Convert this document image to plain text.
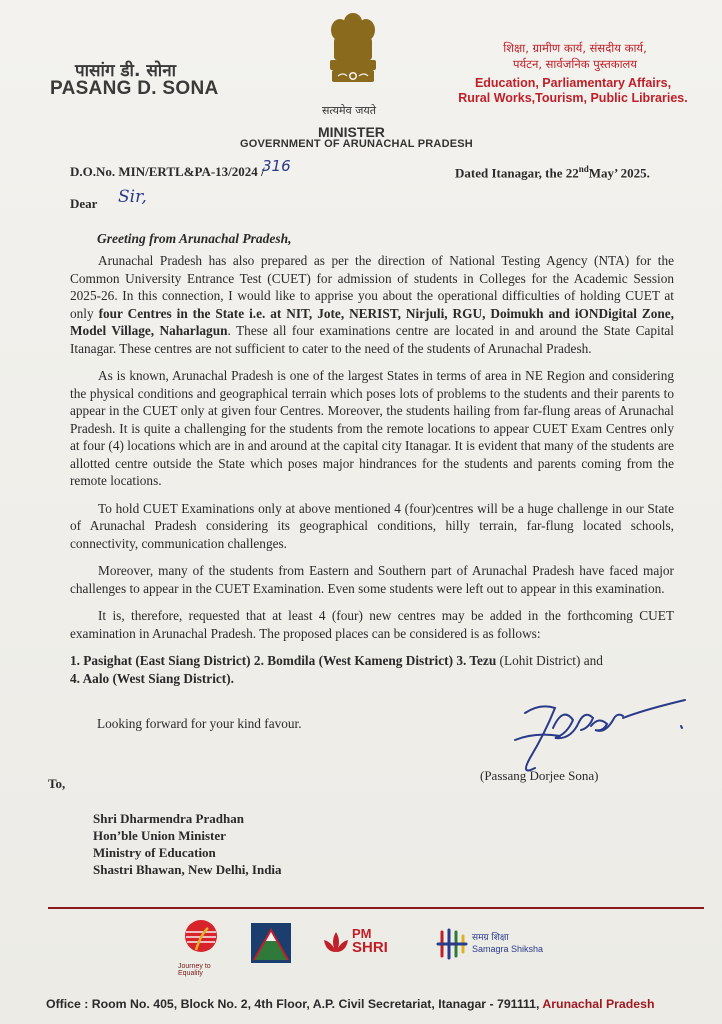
पासांग डी. सोना
PASANG D. SONA
सत्यमेव जयते
MINISTER
GOVERNMENT OF ARUNACHAL PRADESH
शिक्षा, ग्रामीण कार्य, संसदीय कार्य,
पर्यटन, सार्वजनिक पुस्तकालय
Education, Parliamentary Affairs,
Rural Works,Tourism, Public Libraries.
D.O.No. MIN/ERTL&PA-13/2024 /
316	Dated Itanagar, the 22ndMay’ 2025.
Dear Sir,
Greeting from Arunachal Pradesh,

Arunachal Pradesh has also prepared as per the direction of National Testing Agency (NTA) for the Common University Entrance Test (CUET) for admission of students in Colleges for the Academic Session 2025-26. In this connection, I would like to apprise you about the operational difficulties of holding CUET at only four Centres in the State i.e. at NIT, Jote, NERIST, Nirjuli, RGU, Doimukh and iONDigital Zone, Model Village, Naharlagun. These all four examinations centre are located in and around the State Capital Itanagar. These centres are not sufficient to cater to the need of the students of Arunachal Pradesh.

As is known, Arunachal Pradesh is one of the largest States in terms of area in NE Region and considering the physical conditions and geographical terrain which poses lots of problems to the students and their parents to appear in the CUET only at given four Centres. Moreover, the students hailing from far-flung areas of Arunachal Pradesh. It is quite a challenging for the students from the remote locations to appear CUET Exam Centres only at four (4) locations which are in and around at the capital city Itanagar. It is evident that many of the students are allotted centre outside the State which poses major hindrances for the students and parents coming from the remote locations.

To hold CUET Examinations only at above mentioned 4 (four)centres will be a huge challenge in our State of Arunachal Pradesh considering its geographical conditions, hilly terrain, far-flung located schools, connectivity, communication challenges.

Moreover, many of the students from Eastern and Southern part of Arunachal Pradesh have faced major challenges to appear in the CUET Examination. Even some students were left out to appear in this examination.

It is, therefore, requested that at least 4 (four) new centres may be added in the forthcoming CUET examination in Arunachal Pradesh. The proposed places can be considered is as follows:

1. Pasighat (East Siang District) 2. Bomdila (West Kameng District) 3. Tezu (Lohit District) and
4. Aalo (West Siang District).

Looking forward for your kind favour.
(Passang Dorjee Sona)
To,
Shri Dharmendra Pradhan
Hon’ble Union Minister
Ministry of Education
Shastri Bhawan, New Delhi, India
Journey to Equality
PM
SHRI
समग्र शिक्षा
Samagra Shiksha
Office : Room No. 405, Block No. 2, 4th Floor, A.P. Civil Secretariat, Itanagar - 791111, Arunachal Pradesh
